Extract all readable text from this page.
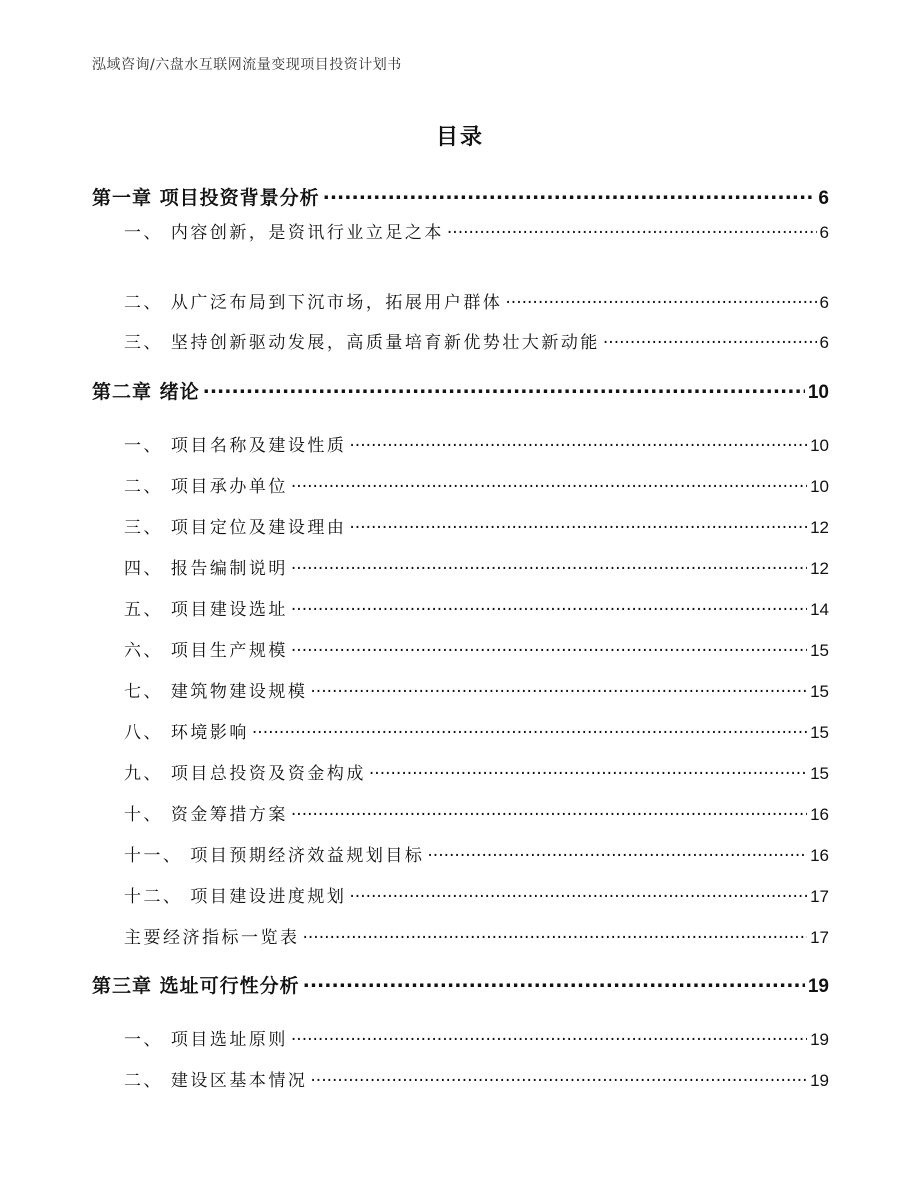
泓域咨询/六盘水互联网流量变现项目投资计划书
目录
第一章 项目投资背景分析 .....	6
一、 内容创新，是资讯行业立足之本 .....	6
二、 从广泛布局到下沉市场，拓展用户群体 .....	6
三、 坚持创新驱动发展，高质量培育新优势壮大新动能 .....	6
第二章 绪论 .....	10
一、 项目名称及建设性质 .....	10
二、 项目承办单位 .....	10
三、 项目定位及建设理由 .....	12
四、 报告编制说明 .....	12
五、 项目建设选址 .....	14
六、 项目生产规模 .....	15
七、 建筑物建设规模 .....	15
八、 环境影响 .....	15
九、 项目总投资及资金构成 .....	15
十、 资金筹措方案 .....	16
十一、 项目预期经济效益规划目标 .....	16
十二、 项目建设进度规划 .....	17
主要经济指标一览表 .....	17
第三章 选址可行性分析 .....	19
一、 项目选址原则 .....	19
二、 建设区基本情况 .....	19
